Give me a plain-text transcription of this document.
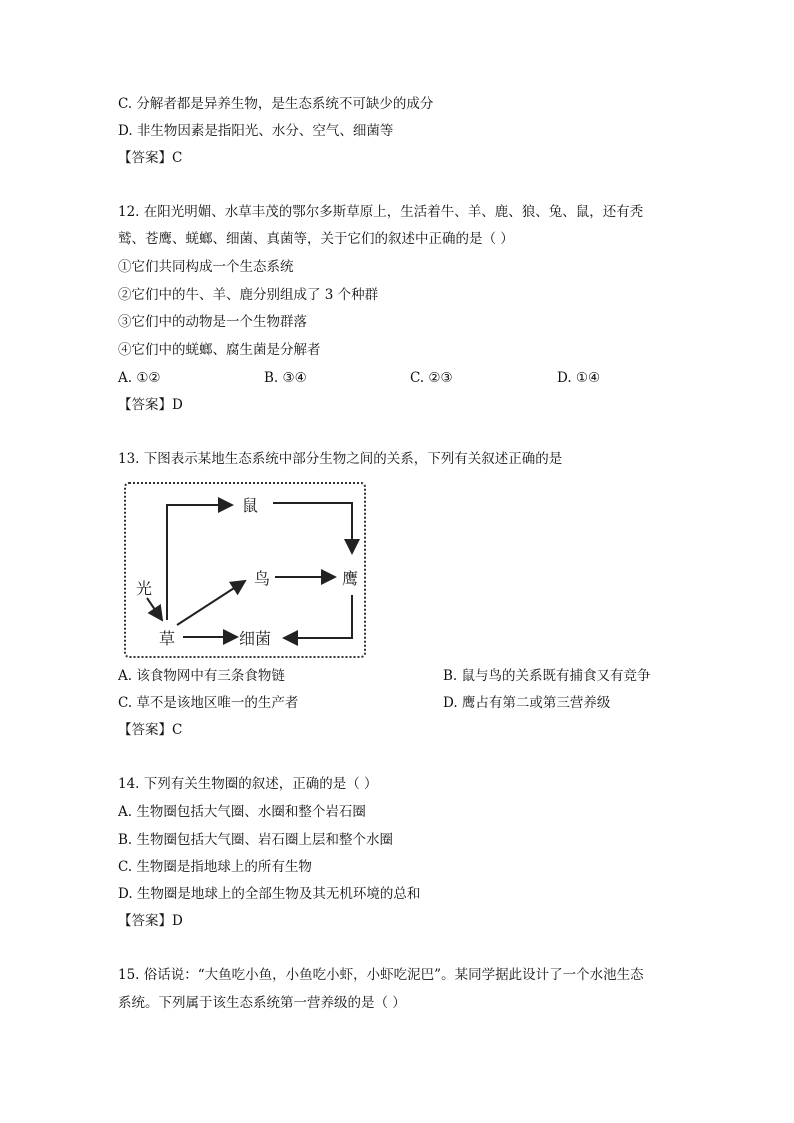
C. 分解者都是异养生物，是生态系统不可缺少的成分
D. 非生物因素是指阳光、水分、空气、细菌等
【答案】C
12. 在阳光明媚、水草丰茂的鄂尔多斯草原上，生活着牛、羊、鹿、狼、兔、鼠，还有秃
鹫、苍鹰、蜣螂、细菌、真菌等，关于它们的叙述中正确的是（ ）
①它们共同构成一个生态系统
②它们中的牛、羊、鹿分别组成了 3 个种群
③它们中的动物是一个生物群落
④它们中的蜣螂、腐生菌是分解者
A. ①②	B. ③④	C. ②③	D. ①④
【答案】D
13. 下图表示某地生态系统中部分生物之间的关系，下列有关叙述正确的是
鼠
鸟	鹰
光
草	细菌
A. 该食物网中有三条食物链	B. 鼠与鸟的关系既有捕食又有竞争
C. 草不是该地区唯一的生产者	D. 鹰占有第二或第三营养级
【答案】C
14. 下列有关生物圈的叙述，正确的是（ ）
A. 生物圈包括大气圈、水圈和整个岩石圈
B. 生物圈包括大气圈、岩石圈上层和整个水圈
C. 生物圈是指地球上的所有生物
D. 生物圈是地球上的全部生物及其无机环境的总和
【答案】D
15. 俗话说：“大鱼吃小鱼，小鱼吃小虾，小虾吃泥巴”。某同学据此设计了一个水池生态
系统。下列属于该生态系统第一营养级的是（ ）
